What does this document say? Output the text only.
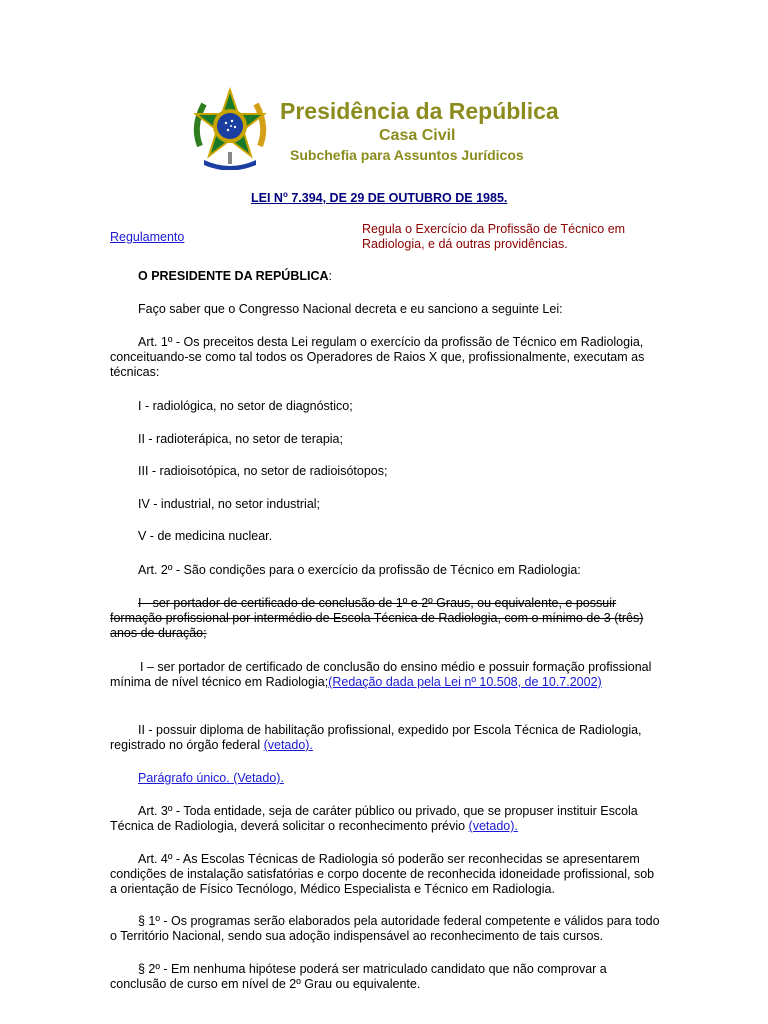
Presidência da República
Casa Civil
Subchefia para Assuntos Jurídicos
LEI $N^o$ 7.394, DE 29 DE OUTUBRO DE 1985.
Regulamento
Regula o Exercício da Profissão de Técnico em Radiologia, e dá outras providências.
O PRESIDENTE DA REPÚBLICA:
Faço saber que o Congresso Nacional decreta e eu sanciono a seguinte Lei:
Art. 1º - Os preceitos desta Lei regulam o exercício da profissão de Técnico em Radiologia, conceituando-se como tal todos os Operadores de Raios X que, profissionalmente, executam as técnicas:
I - radiológica, no setor de diagnóstico;
II - radioterápica, no setor de terapia;
III - radioisotópica, no setor de radioisótopos;
IV - industrial, no setor industrial;
V - de medicina nuclear.
Art. 2º - São condições para o exercício da profissão de Técnico em Radiologia:
I - ser portador de certificado de conclusão de 1º e 2º Graus, ou equivalente, e possuir formação profissional por intermédio de Escola Técnica de Radiologia, com o mínimo de 3 (três) anos de duração;
I – ser portador de certificado de conclusão do ensino médio e possuir formação profissional mínima de nível técnico em Radiologia;(Redação dada pela Lei nº 10.508, de 10.7.2002)
II - possuir diploma de habilitação profissional, expedido por Escola Técnica de Radiologia, registrado no órgão federal (vetado).
Parágrafo único. (Vetado).
Art. 3º - Toda entidade, seja de caráter público ou privado, que se propuser instituir Escola Técnica de Radiologia, deverá solicitar o reconhecimento prévio (vetado).
Art. 4º - As Escolas Técnicas de Radiologia só poderão ser reconhecidas se apresentarem condições de instalação satisfatórias e corpo docente de reconhecida idoneidade profissional, sob a orientação de Físico Tecnólogo, Médico Especialista e Técnico em Radiologia.
§ 1º - Os programas serão elaborados pela autoridade federal competente e válidos para todo o Território Nacional, sendo sua adoção indispensável ao reconhecimento de tais cursos.
§ 2º - Em nenhuma hipótese poderá ser matriculado candidato que não comprovar a conclusão de curso em nível de 2º Grau ou equivalente.
